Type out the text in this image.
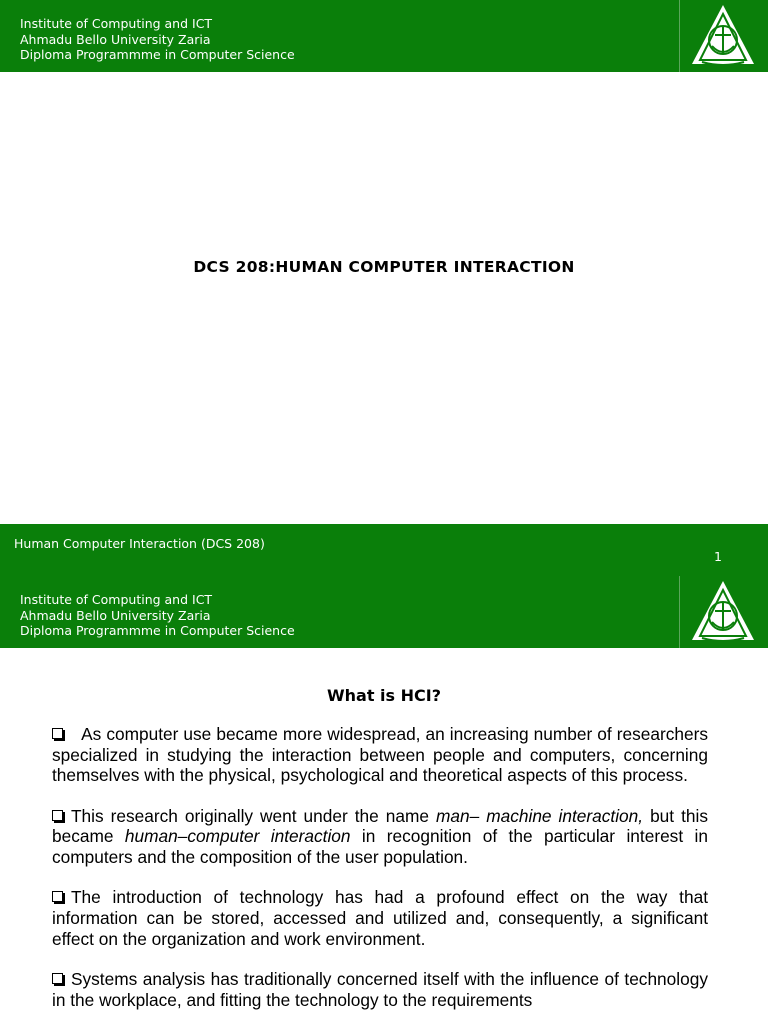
Institute of Computing and ICT
Ahmadu Bello University Zaria
Diploma Programmme in Computer Science
DCS 208:HUMAN COMPUTER INTERACTION
Human Computer Interaction (DCS 208)
1
Institute of Computing and ICT
Ahmadu Bello University Zaria
Diploma Programmme in Computer Science
What is HCI?

As computer use became more widespread, an increasing number of researchers specialized in studying the interaction between people and computers, concerning themselves with the physical, psychological and theoretical aspects of this process.

This research originally went under the name man– machine interaction, but this became human–computer interaction in recognition of the particular interest in computers and the composition of the user population.

The introduction of technology has had a profound effect on the way that information can be stored, accessed and utilized and, consequently, a significant effect on the organization and work environment.

Systems analysis has traditionally concerned itself with the influence of technology in the workplace, and fitting the technology to the requirements
